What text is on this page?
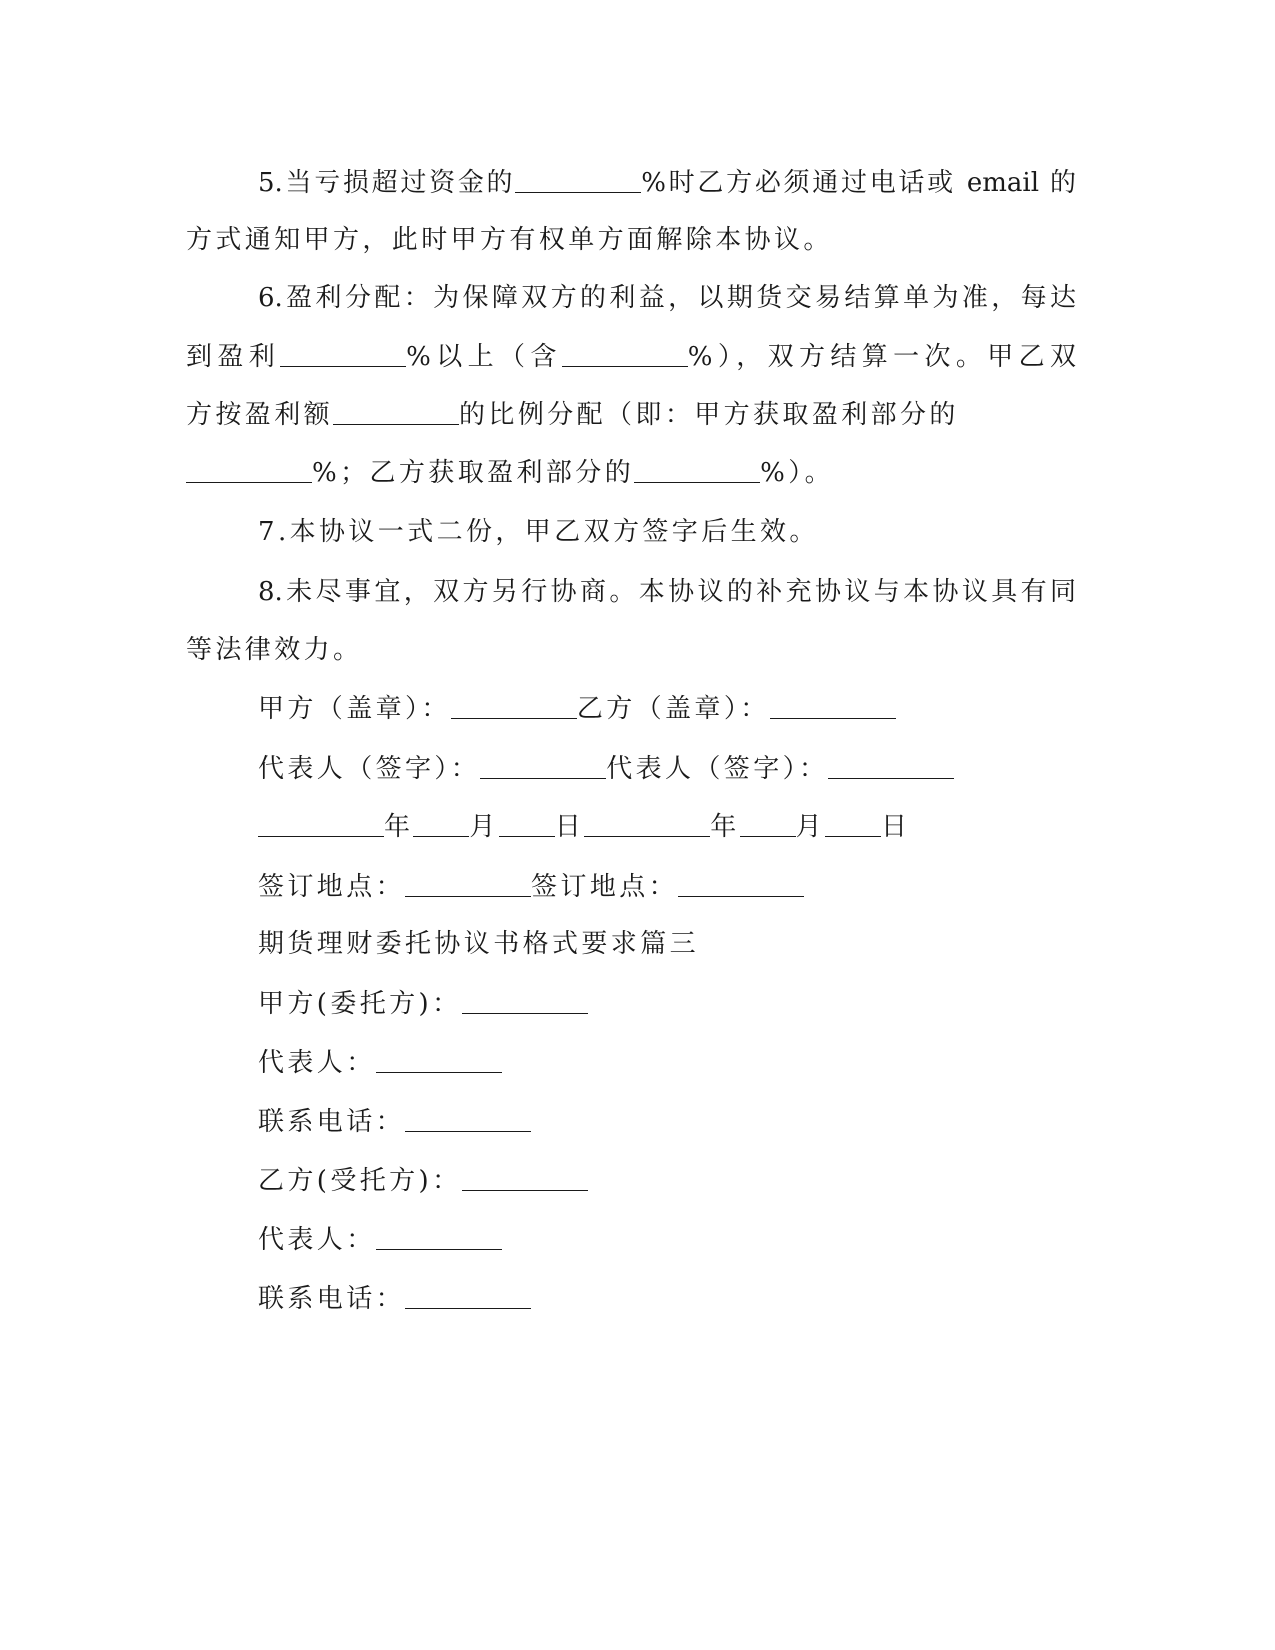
5.当亏损超过资金的	%时乙方必须通过电话或 email 的
方式通知甲方，此时甲方有权单方面解除本协议。
6.盈利分配：为保障双方的利益，以期货交易结算单为准，每达
到盈利	%以上（含	%），双方结算一次。甲乙双
方按盈利额	的比例分配（即：甲方获取盈利部分的
%；乙方获取盈利部分的	%）。
7.本协议一式二份，甲乙双方签字后生效。
8.未尽事宜，双方另行协商。本协议的补充协议与本协议具有同
等法律效力。
甲方（盖章）：	乙方（盖章）：
代表人（签字）：	代表人（签字）：
年 月 日	年 月 日
签订地点：	签订地点：
期货理财委托协议书格式要求篇三
甲方(委托方)：
代表人：
联系电话：
乙方(受托方)：
代表人：
联系电话：
